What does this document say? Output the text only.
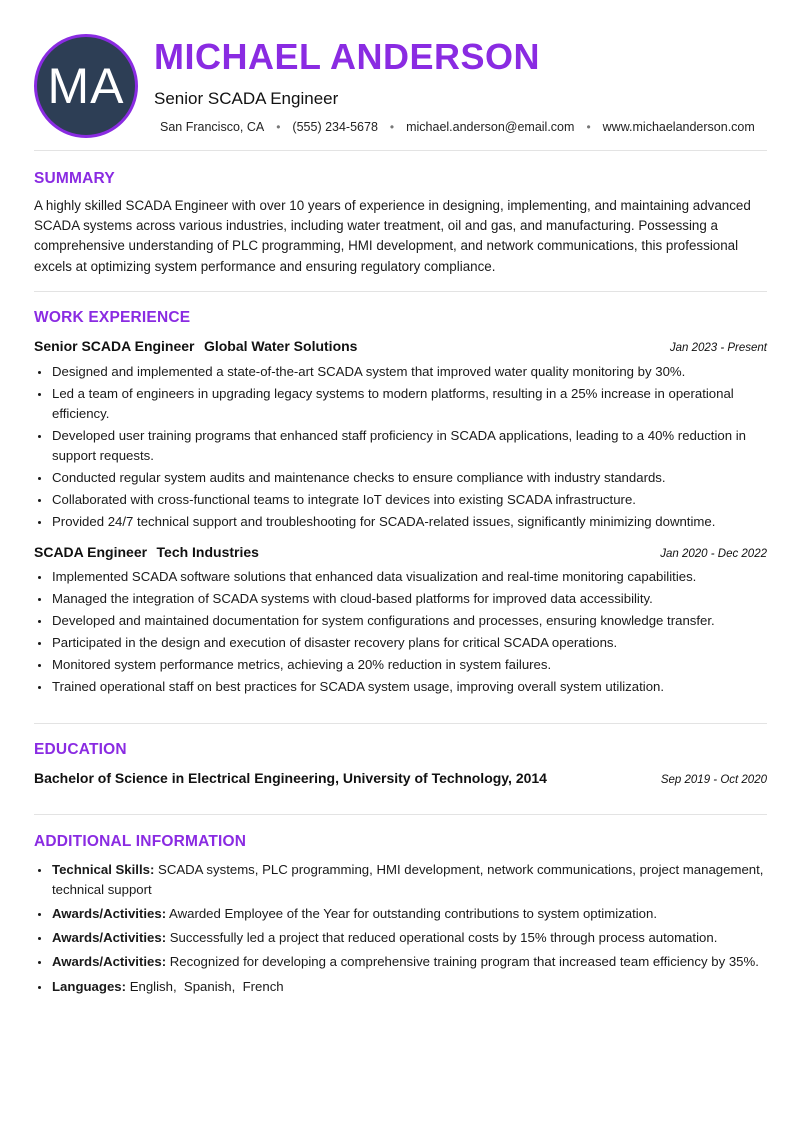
MA
MICHAEL ANDERSON
Senior SCADA Engineer
San Francisco, CA • (555) 234-5678 • michael.anderson@email.com • www.michaelanderson.com
SUMMARY
A highly skilled SCADA Engineer with over 10 years of experience in designing, implementing, and maintaining advanced SCADA systems across various industries, including water treatment, oil and gas, and manufacturing. Possessing a comprehensive understanding of PLC programming, HMI development, and network communications, this professional excels at optimizing system performance and ensuring regulatory compliance.
WORK EXPERIENCE
Senior SCADA Engineer Global Water Solutions	Jan 2023 - Present
• Designed and implemented a state-of-the-art SCADA system that improved water quality monitoring by 30%.
• Led a team of engineers in upgrading legacy systems to modern platforms, resulting in a 25% increase in operational efficiency.
• Developed user training programs that enhanced staff proficiency in SCADA applications, leading to a 40% reduction in support requests.
• Conducted regular system audits and maintenance checks to ensure compliance with industry standards.
• Collaborated with cross-functional teams to integrate IoT devices into existing SCADA infrastructure.
• Provided 24/7 technical support and troubleshooting for SCADA-related issues, significantly minimizing downtime.
SCADA Engineer Tech Industries	Jan 2020 - Dec 2022
• Implemented SCADA software solutions that enhanced data visualization and real-time monitoring capabilities.
• Managed the integration of SCADA systems with cloud-based platforms for improved data accessibility.
• Developed and maintained documentation for system configurations and processes, ensuring knowledge transfer.
• Participated in the design and execution of disaster recovery plans for critical SCADA operations.
• Monitored system performance metrics, achieving a 20% reduction in system failures.
• Trained operational staff on best practices for SCADA system usage, improving overall system utilization.
EDUCATION
Bachelor of Science in Electrical Engineering, University of Technology, 2014	Sep 2019 - Oct 2020
ADDITIONAL INFORMATION
• Technical Skills: SCADA systems, PLC programming, HMI development, network communications, project management, technical support
• Awards/Activities: Awarded Employee of the Year for outstanding contributions to system optimization.
• Awards/Activities: Successfully led a project that reduced operational costs by 15% through process automation.
• Awards/Activities: Recognized for developing a comprehensive training program that increased team efficiency by 35%.
• Languages: English,  Spanish,  French
